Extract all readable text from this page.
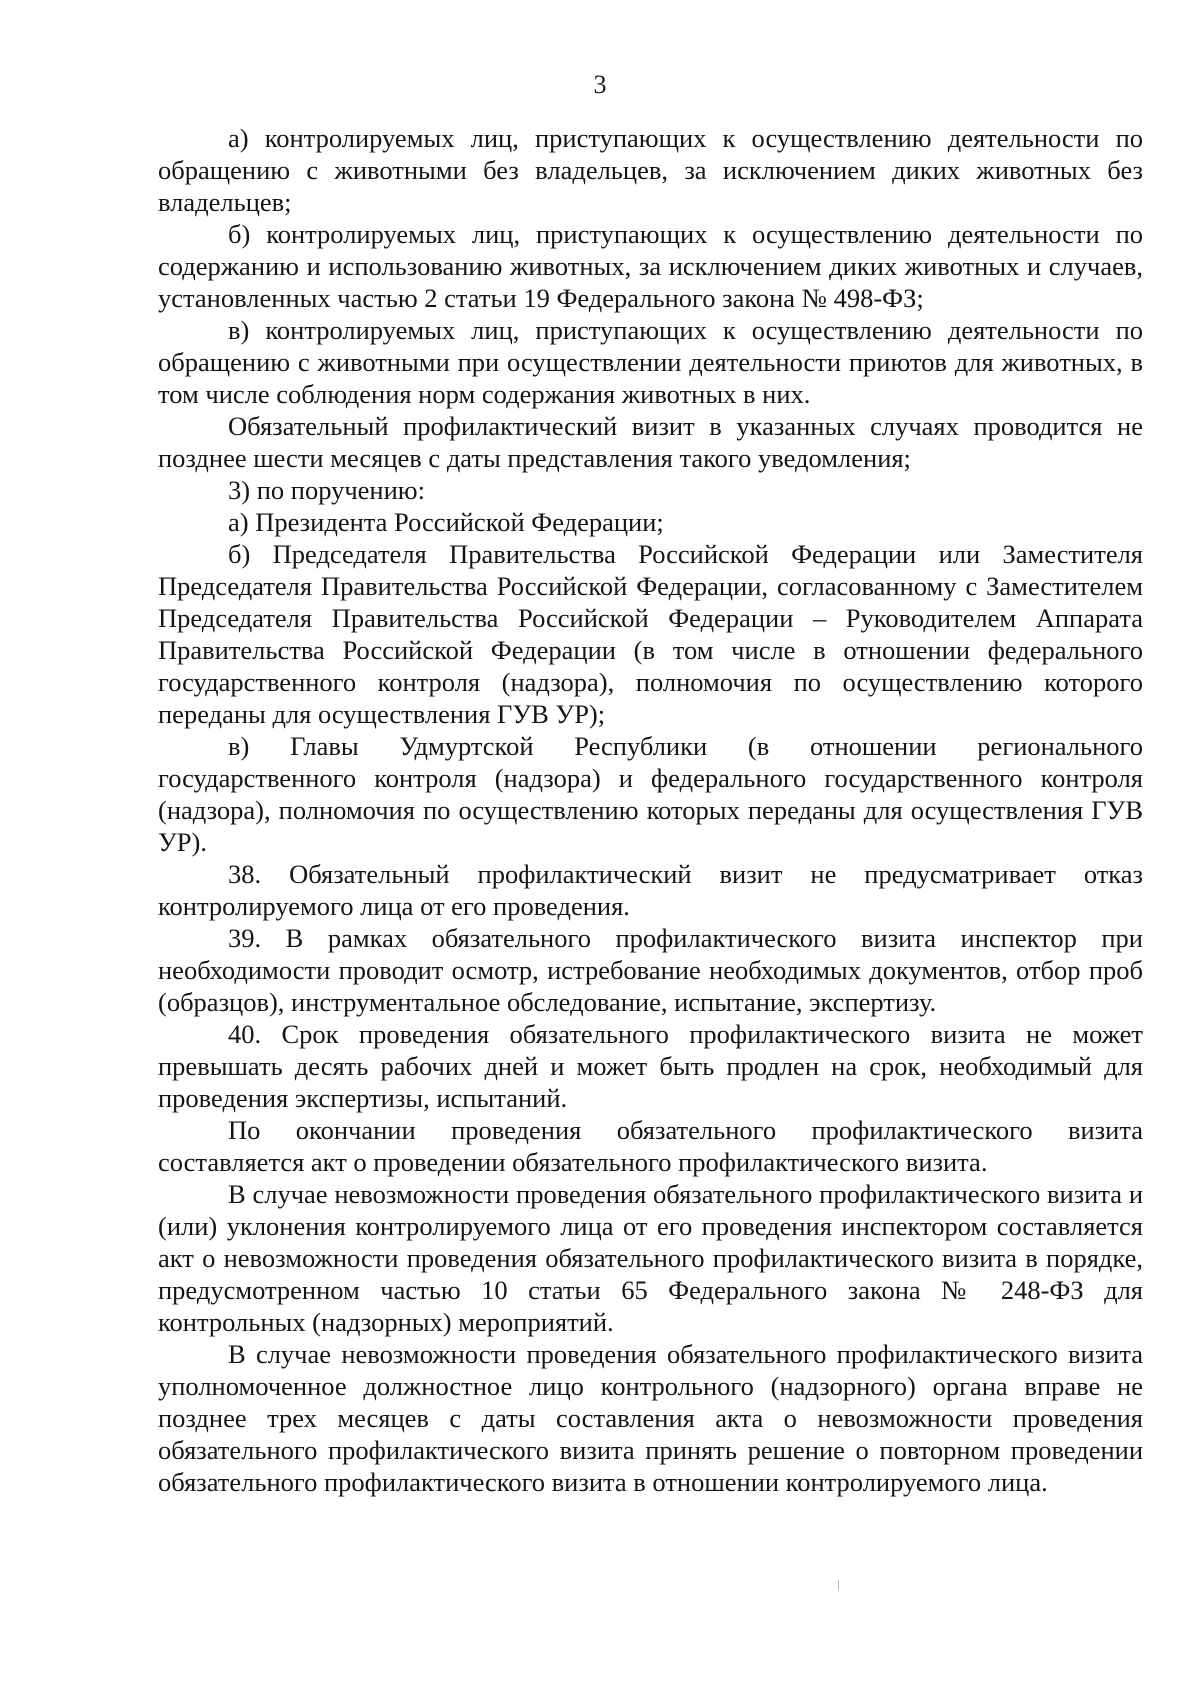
3

а) контролируемых лиц, приступающих к осуществлению деятельности по обращению с животными без владельцев, за исключением диких животных без владельцев;

б) контролируемых лиц, приступающих к осуществлению деятельности по содержанию и использованию животных, за исключением диких животных и случаев, установленных частью 2 статьи 19 Федерального закона № 498-ФЗ;

в) контролируемых лиц, приступающих к осуществлению деятельности по обращению с животными при осуществлении деятельности приютов для животных, в том числе соблюдения норм содержания животных в них.

Обязательный профилактический визит в указанных случаях проводится не позднее шести месяцев с даты представления такого уведомления;

3) по поручению:

а) Президента Российской Федерации;

б) Председателя Правительства Российской Федерации или Заместителя Председателя Правительства Российской Федерации, согласованному с Заместителем Председателя Правительства Российской Федерации – Руководителем Аппарата Правительства Российской Федерации (в том числе в отношении федерального государственного контроля (надзора), полномочия по осуществлению которого переданы для осуществления ГУВ УР);

в) Главы Удмуртской Республики (в отношении регионального государственного контроля (надзора) и федерального государственного контроля (надзора), полномочия по осуществлению которых переданы для осуществления ГУВ УР).

38. Обязательный профилактический визит не предусматривает отказ контролируемого лица от его проведения.

39. В рамках обязательного профилактического визита инспектор при необходимости проводит осмотр, истребование необходимых документов, отбор проб (образцов), инструментальное обследование, испытание, экспертизу.

40. Срок проведения обязательного профилактического визита не может превышать десять рабочих дней и может быть продлен на срок, необходимый для проведения экспертизы, испытаний.

По окончании проведения обязательного профилактического визита составляется акт о проведении обязательного профилактического визита.

В случае невозможности проведения обязательного профилактического визита и (или) уклонения контролируемого лица от его проведения инспектором составляется акт о невозможности проведения обязательного профилактического визита в порядке, предусмотренном частью 10 статьи 65 Федерального закона № 248-ФЗ для контрольных (надзорных) мероприятий.

В случае невозможности проведения обязательного профилактического визита уполномоченное должностное лицо контрольного (надзорного) органа вправе не позднее трех месяцев с даты составления акта о невозможности проведения обязательного профилактического визита принять решение о повторном проведении обязательного профилактического визита в отношении контролируемого лица.
